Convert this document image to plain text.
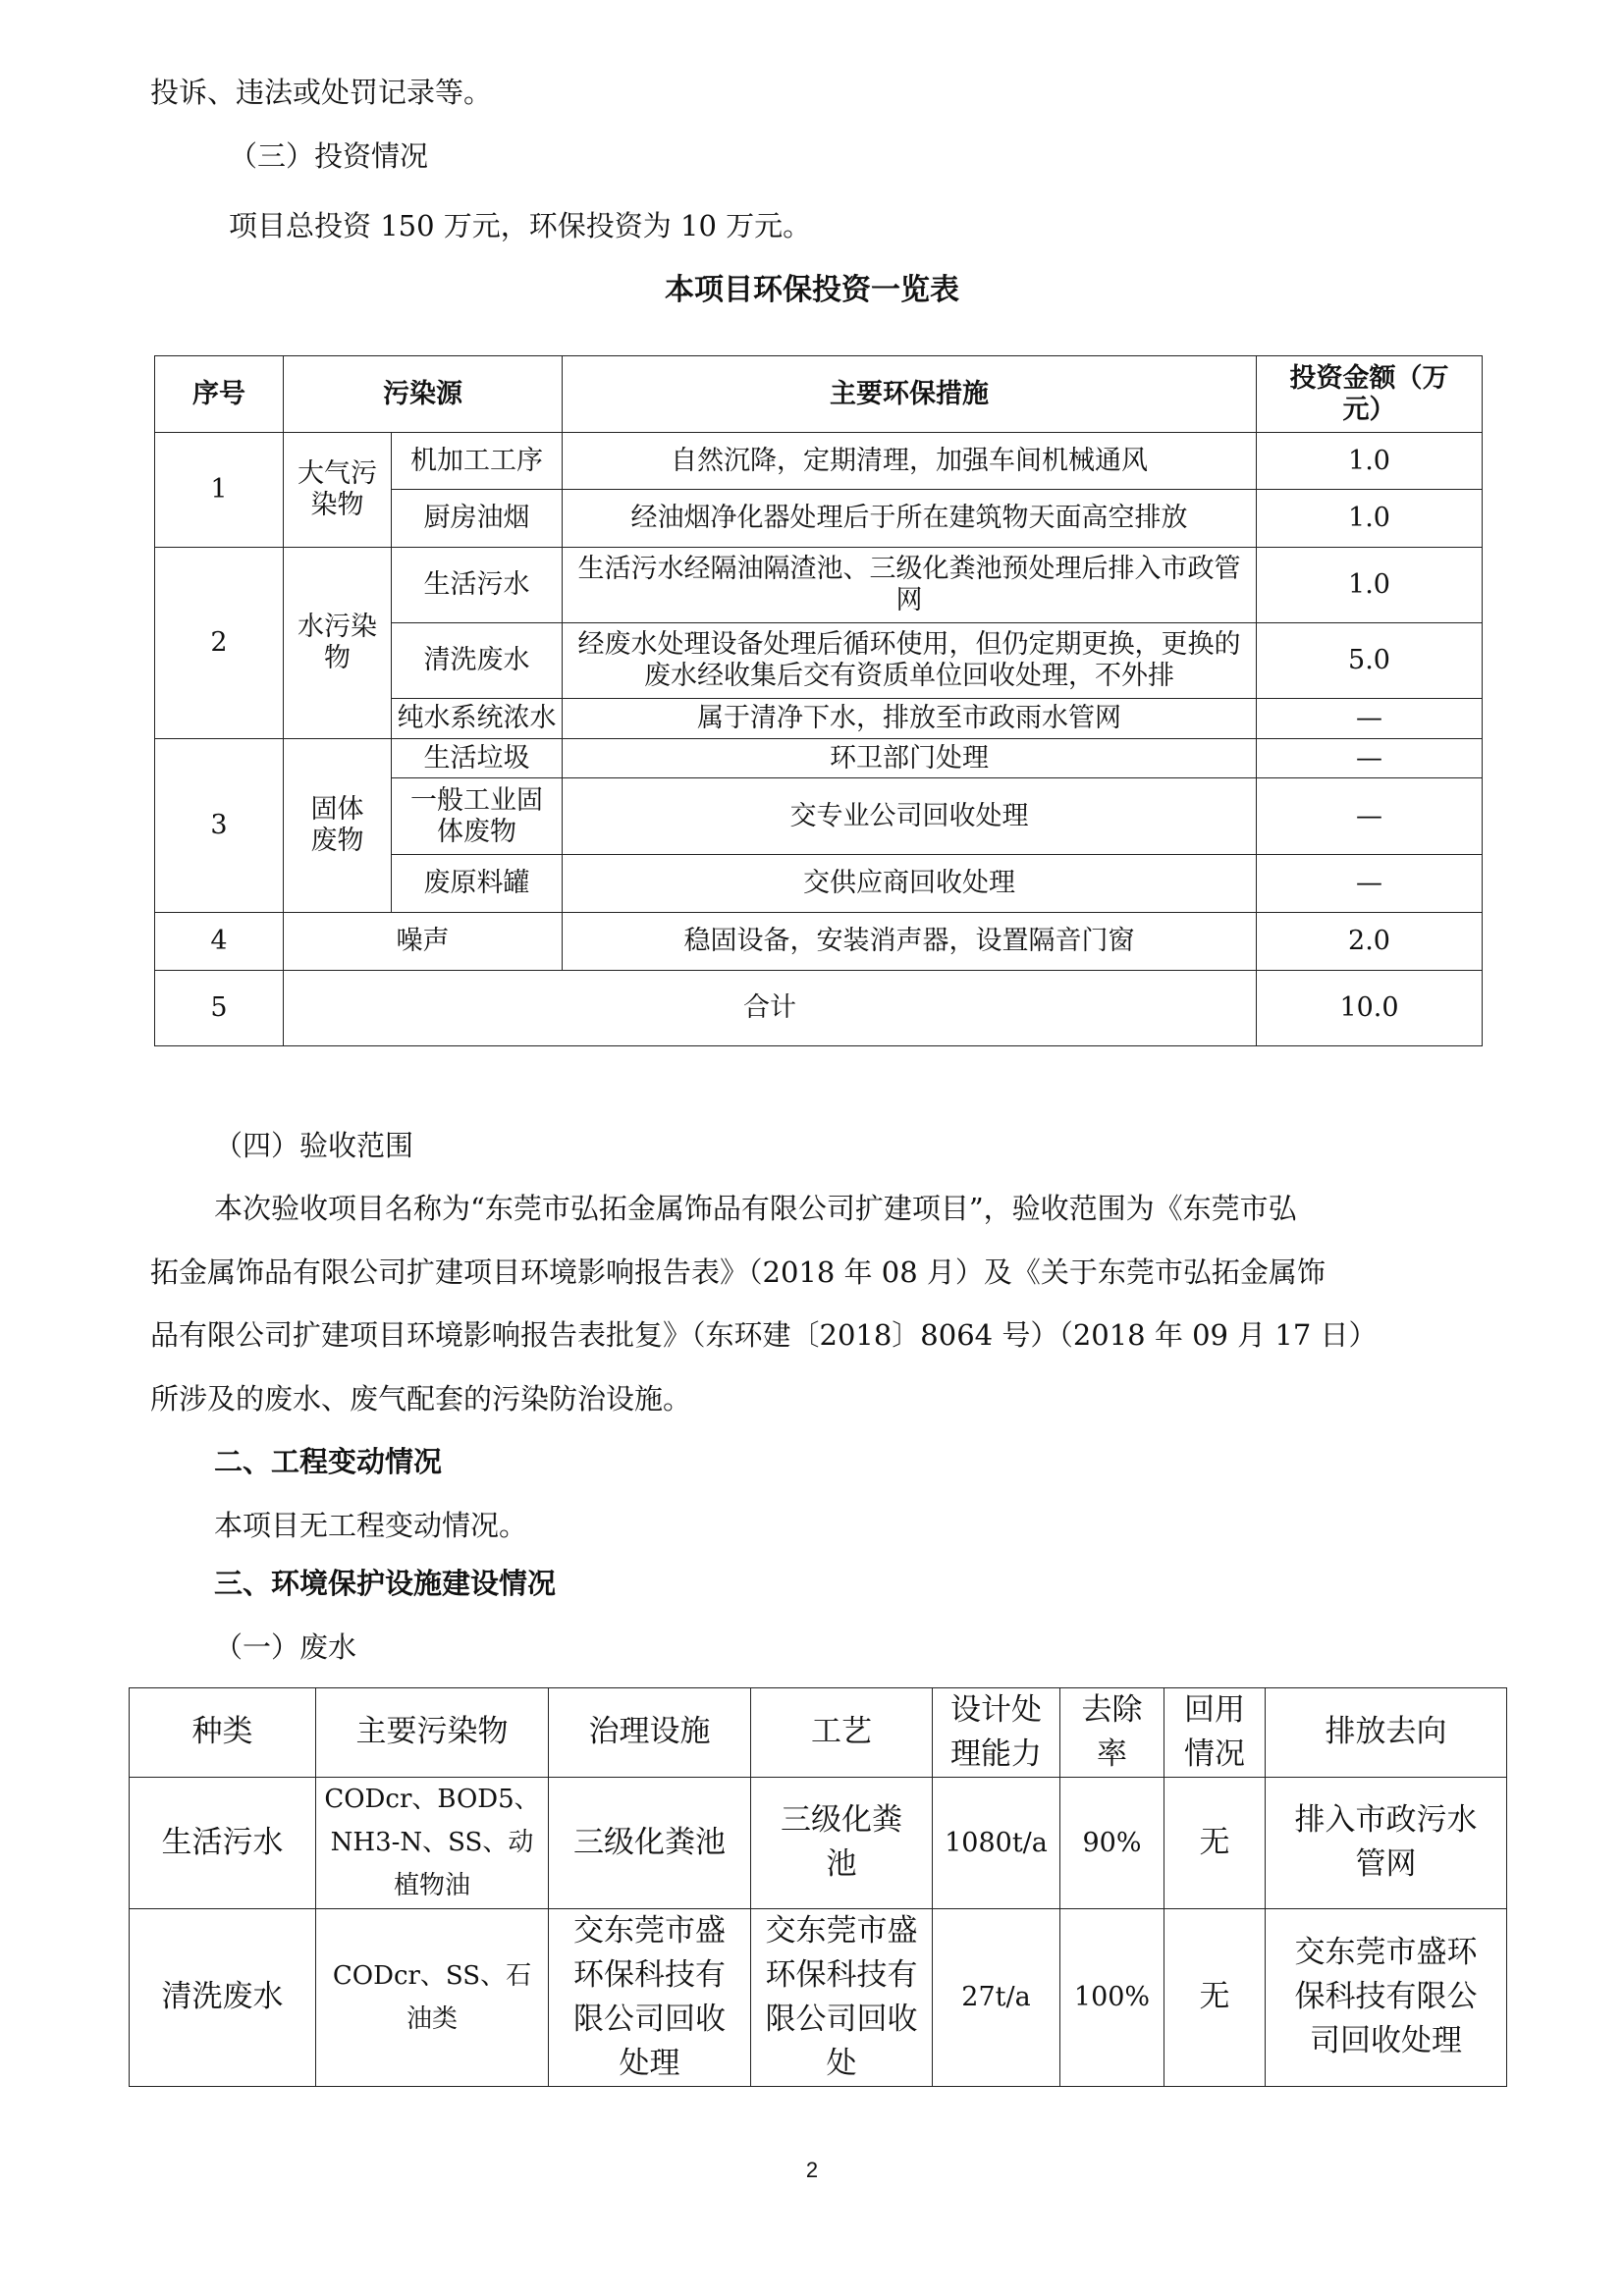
投诉、违法或处罚记录等。
（三）投资情况
项目总投资 150 万元，环保投资为 10 万元。
本项目环保投资一览表
序号	污染源		主要环保措施	投资金额（万元）
1	大气污染物	机加工工序	自然沉降，定期清理，加强车间机械通风	1.0
		厨房油烟	经油烟净化器处理后于所在建筑物天面高空排放	1.0
2	水污染物	生活污水	生活污水经隔油隔渣池、三级化粪池预处理后排入市政管网	1.0
		清洗废水	经废水处理设备处理后循环使用，但仍定期更换，更换的废水经收集后交有资质单位回收处理，不外排	5.0
		纯水系统浓水	属于清净下水，排放至市政雨水管网	—
3	固体废物	生活垃圾	环卫部门处理	—
		一般工业固体废物	交专业公司回收处理	—
		废原料罐	交供应商回收处理	—
4	噪声		稳固设备，安装消声器，设置隔音门窗	2.0
5	合计			10.0
（四）验收范围
本次验收项目名称为“东莞市弘拓金属饰品有限公司扩建项目”，验收范围为《东莞市弘
拓金属饰品有限公司扩建项目环境影响报告表》（2018 年 08 月）及《关于东莞市弘拓金属饰
品有限公司扩建项目环境影响报告表批复》（东环建〔2018〕8064 号）（2018 年 09 月 17 日）
所涉及的废水、废气配套的污染防治设施。
二、工程变动情况
本项目无工程变动情况。
三、环境保护设施建设情况
（一）废水
种类	主要污染物	治理设施	工艺	设计处理能力	去除率	回用情况	排放去向
生活污水	CODcr、BOD5、NH3-N、SS、动植物油	三级化粪池	三级化粪池	1080t/a	90%	无	排入市政污水管网
清洗废水	CODcr、SS、石油类	交东莞市盛环保科技有限公司回收处理	交东莞市盛环保科技有限公司回收处	27t/a	100%	无	交东莞市盛环保科技有限公司回收处理
2
